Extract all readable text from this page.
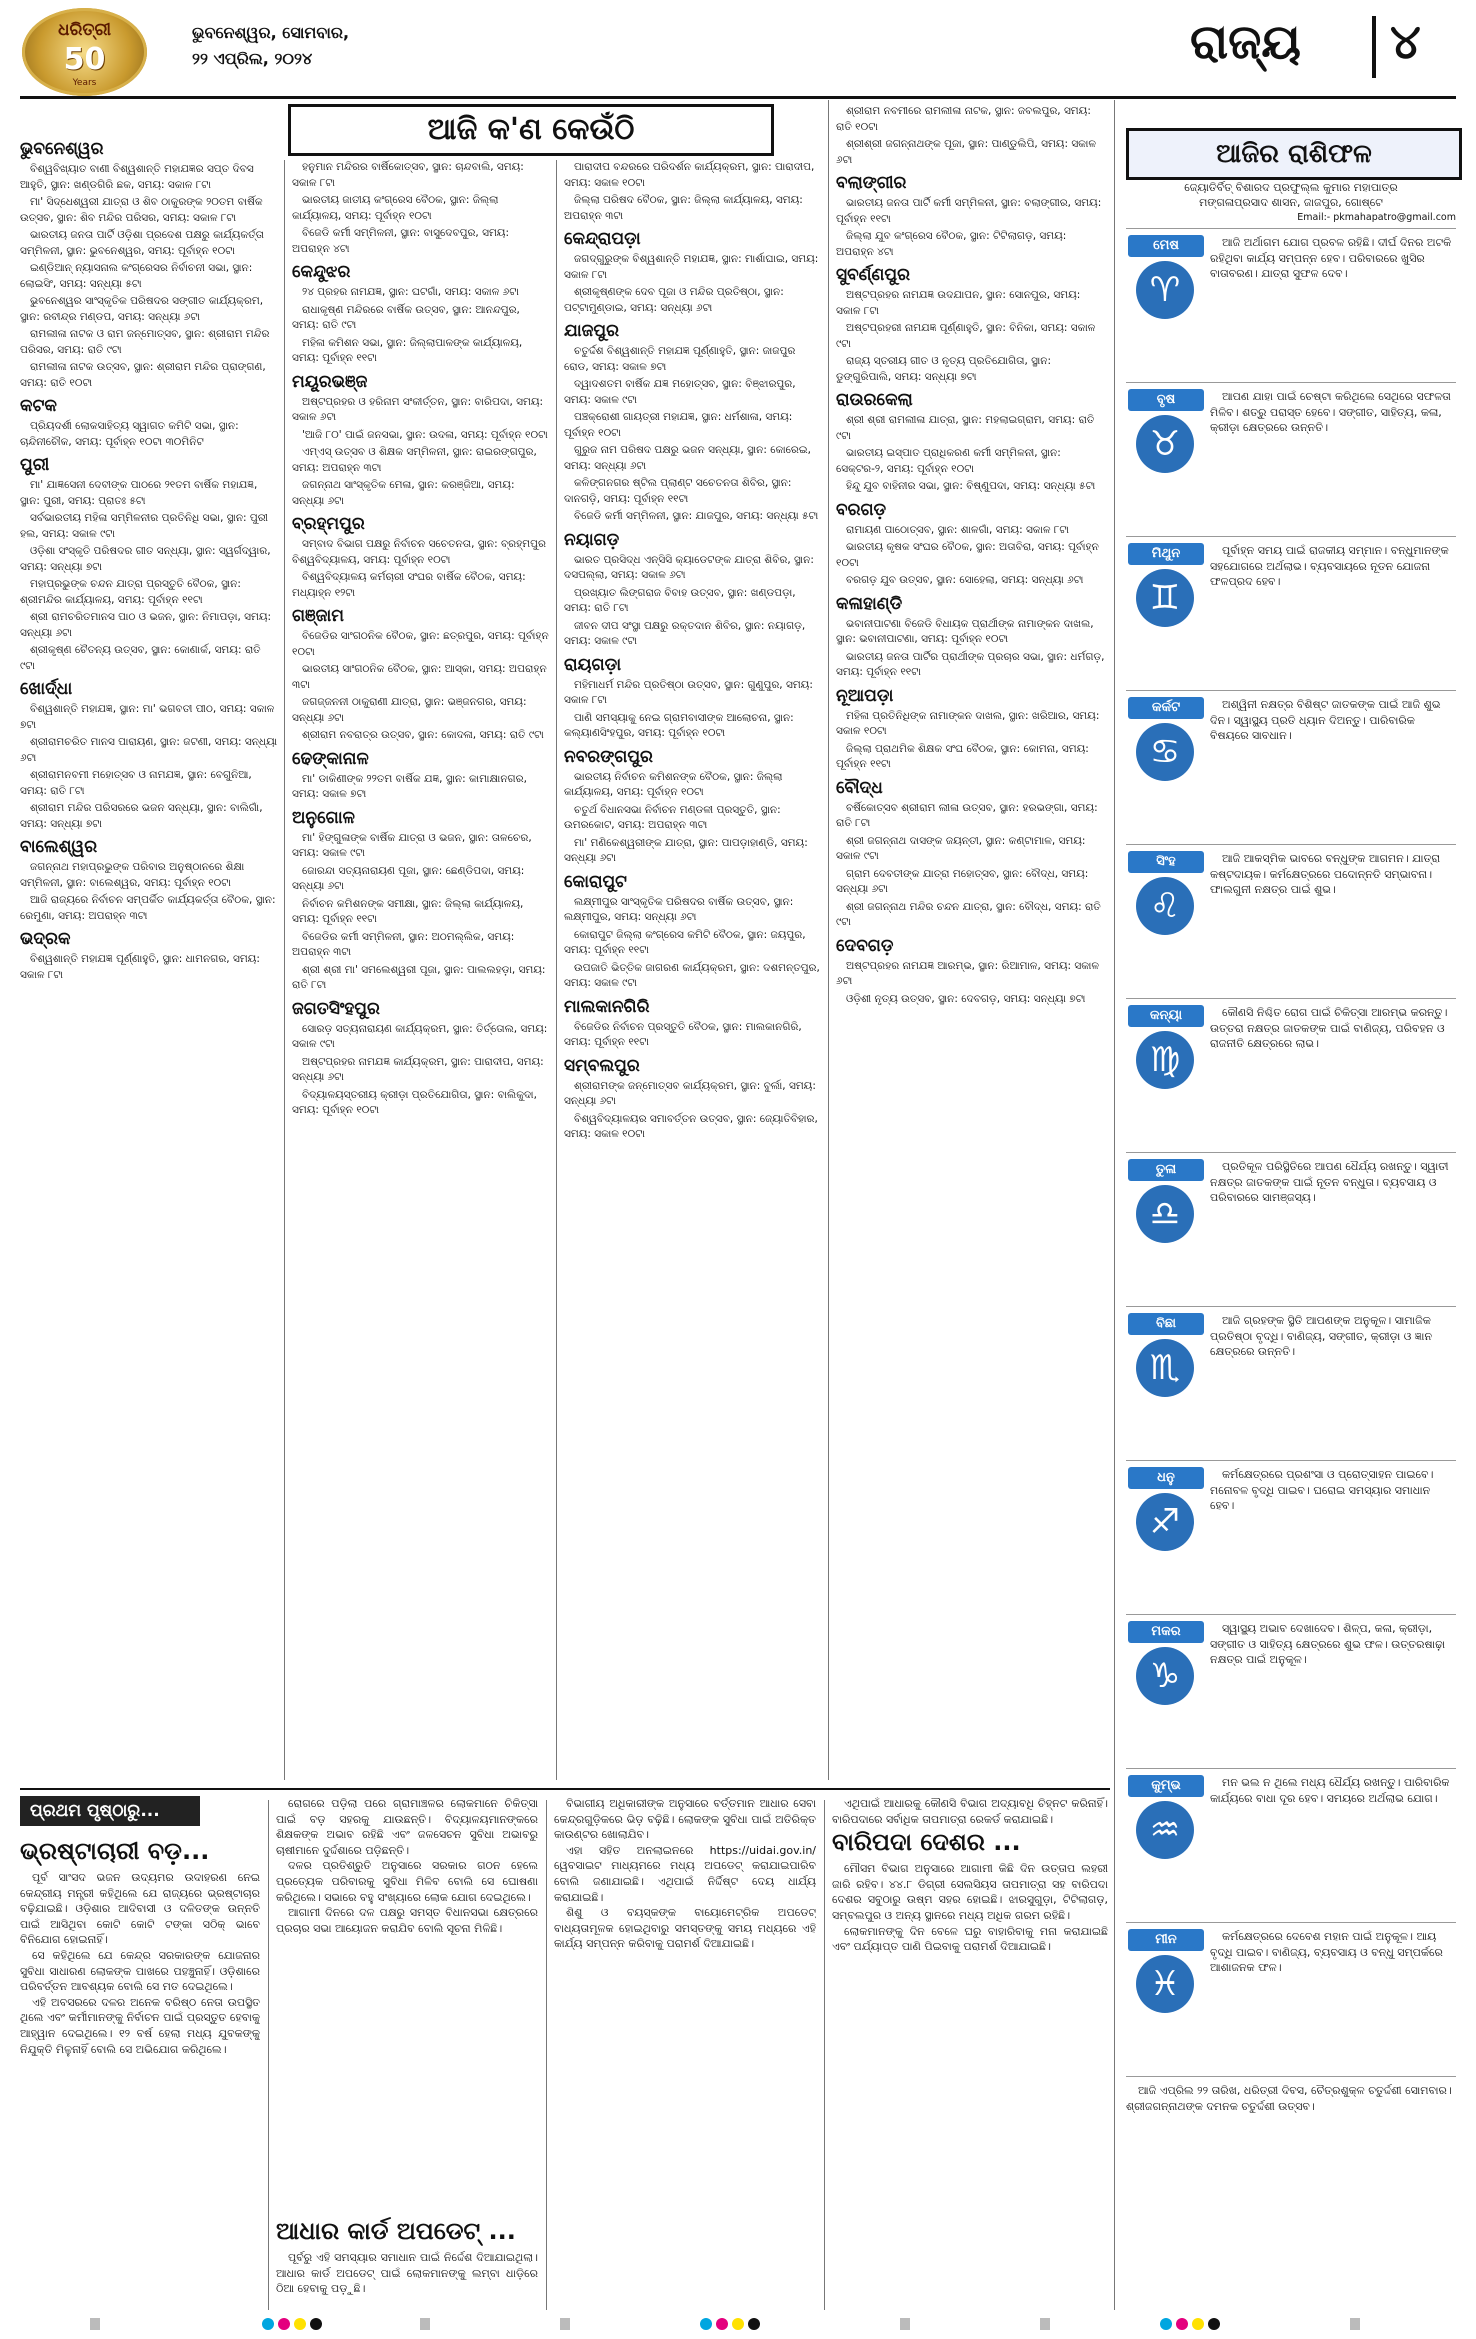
ଧରିତ୍ରୀ
50
Years
ଭୁବନେଶ୍ୱର, ସୋମବାର,
୨୨ ଏପ୍ରିଲ, ୨୦୨୪	ରାଜ୍ୟ ୪
ଆଜି କ'ଣ କେଉଁଠି
ଭୁବନେଶ୍ୱର

ବିଶ୍ୱବିଖ୍ୟାତ ବାଣୀ ବିଶ୍ୱଶାନ୍ତି ମହାଯଜ୍ଞର ସପ୍ତ ଦିବସ ଆହୁତି, ସ୍ଥାନ: ଖଣ୍ଡଗିରି ଛକ, ସମୟ: ସକାଳ ୮ଟା

ମା' ସିଦ୍ଧେଶ୍ୱରୀ ଯାତ୍ରା ଓ ଶିବ ଠାକୁରଙ୍କ ୨୦ତମ ବାର୍ଷିକ ଉତ୍ସବ, ସ୍ଥାନ: ଶିବ ମନ୍ଦିର ପରିସର, ସମୟ: ସକାଳ ୮ଟା

ଭାରତୀୟ ଜନତା ପାର୍ଟି ଓଡ଼ିଶା ପ୍ରଦେଶ ପକ୍ଷରୁ କାର୍ଯ୍ୟକର୍ତ୍ତା ସମ୍ମିଳନୀ, ସ୍ଥାନ: ଭୁବନେଶ୍ୱର, ସମୟ: ପୂର୍ବାହ୍ନ ୧୦ଟା

ଇଣ୍ଡିଆନ୍ ନ୍ୟାସନାଲ କଂଗ୍ରେସର ନିର୍ବାଚନୀ ସଭା, ସ୍ଥାନ: ଲୋଇସିଂ, ସମୟ: ସନ୍ଧ୍ୟା ୫ଟା

ଭୁବନେଶ୍ୱର ସାଂସ୍କୃତିକ ପରିଷଦର ସଙ୍ଗୀତ କାର୍ଯ୍ୟକ୍ରମ, ସ୍ଥାନ: ରବୀନ୍ଦ୍ର ମଣ୍ଡପ, ସମୟ: ସନ୍ଧ୍ୟା ୬ଟା

ରାମଲୀଳା ନାଟକ ଓ ରାମ ଜନ୍ମୋତ୍ସବ, ସ୍ଥାନ: ଶ୍ରୀରାମ ମନ୍ଦିର ପରିସର, ସମୟ: ରାତି ୯ଟା

ରାମଲୀଳା ନାଟକ ଉତ୍ସବ, ସ୍ଥାନ: ଶ୍ରୀରାମ ମନ୍ଦିର ପ୍ରାଙ୍ଗଣ, ସମୟ: ରାତି ୧୦ଟା

କଟକ

ପ୍ରିୟଦର୍ଶୀ ଲୋକସାହିତ୍ୟ ସ୍ୱାଗତ କମିଟି ସଭା, ସ୍ଥାନ: ଚାନ୍ଦିନୀଚୌକ, ସମୟ: ପୂର୍ବାହ୍ନ ୧୦ଟା ୩୦ମିନିଟ

ପୁରୀ

ମା' ଯାଜ୍ଞସେନୀ ଦେବୀଙ୍କ ପାଠରେ ୨୧ତମ ବାର୍ଷିକ ମହାଯଜ୍ଞ, ସ୍ଥାନ: ପୁରୀ, ସମୟ: ପ୍ରାତଃ ୫ଟା

ସର୍ବଭାରତୀୟ ମହିଳା ସମ୍ମିଳନୀର ପ୍ରତିନିଧି ସଭା, ସ୍ଥାନ: ପୁରୀ ହଲ, ସମୟ: ସକାଳ ୯ଟା

ଓଡ଼ିଶା ସଂସ୍କୃତି ପରିଷଦର ଗୀତ ସନ୍ଧ୍ୟା, ସ୍ଥାନ: ସ୍ୱର୍ଗଦ୍ୱାର, ସମୟ: ସନ୍ଧ୍ୟା ୭ଟା

ମହାପ୍ରଭୁଙ୍କ ଚନ୍ଦନ ଯାତ୍ରା ପ୍ରସ୍ତୁତି ବୈଠକ, ସ୍ଥାନ: ଶ୍ରୀମନ୍ଦିର କାର୍ଯ୍ୟାଳୟ, ସମୟ: ପୂର୍ବାହ୍ନ ୧୧ଟା

ଶ୍ରୀ ରାମଚରିତମାନସ ପାଠ ଓ ଭଜନ, ସ୍ଥାନ: ନିମାପଡ଼ା, ସମୟ: ସନ୍ଧ୍ୟା ୬ଟା

ଶ୍ରୀକୃଷ୍ଣ ଚୈତନ୍ୟ ଉତ୍ସବ, ସ୍ଥାନ: କୋଣାର୍କ, ସମୟ: ରାତି ୯ଟା

ଖୋର୍ଦ୍ଧା

ବିଶ୍ୱଶାନ୍ତି ମହାଯଜ୍ଞ, ସ୍ଥାନ: ମା' ଭଗବତୀ ପୀଠ, ସମୟ: ସକାଳ ୭ଟା

ଶ୍ରୀରାମଚରିତ ମାନସ ପାରାୟଣ, ସ୍ଥାନ: ଜଟଣୀ, ସମୟ: ସନ୍ଧ୍ୟା ୬ଟା

ଶ୍ରୀରାମନବମୀ ମହୋତ୍ସବ ଓ ନାମଯଜ୍ଞ, ସ୍ଥାନ: ବେଗୁନିଆ, ସମୟ: ରାତି ୮ଟା

ଶ୍ରୀରାମ ମନ୍ଦିର ପରିସରରେ ଭଜନ ସନ୍ଧ୍ୟା, ସ୍ଥାନ: ବାଲିଗାଁ, ସମୟ: ସନ୍ଧ୍ୟା ୭ଟା

ବାଲେଶ୍ୱର

ଜଗନ୍ନାଥ ମହାପ୍ରଭୁଙ୍କ ପରିବାର ଅନୁଷ୍ଠାନରେ ଶିକ୍ଷା ସମ୍ମିଳନୀ, ସ୍ଥାନ: ବାଲେଶ୍ୱର, ସମୟ: ପୂର୍ବାହ୍ନ ୧୦ଟା

ଆଜି ରାଜ୍ୟରେ ନିର୍ବାଚନ ସମ୍ପର୍କିତ କାର୍ଯ୍ୟକର୍ତ୍ତା ବୈଠକ, ସ୍ଥାନ: ରେମୁଣା, ସମୟ: ଅପରାହ୍ନ ୩ଟା

ଭଦ୍ରକ

ବିଶ୍ୱଶାନ୍ତି ମହାଯଜ୍ଞ ପୂର୍ଣ୍ଣାହୁତି, ସ୍ଥାନ: ଧାମନଗର, ସମୟ: ସକାଳ ୮ଟା

ହନୁମାନ ମନ୍ଦିରର ବାର୍ଷିକୋତ୍ସବ, ସ୍ଥାନ: ଚାନ୍ଦବାଲି, ସମୟ: ସକାଳ ୮ଟା

ଭାରତୀୟ ଜାତୀୟ କଂଗ୍ରେସ ବୈଠକ, ସ୍ଥାନ: ଜିଲ୍ଲା କାର୍ଯ୍ୟାଳୟ, ସମୟ: ପୂର୍ବାହ୍ନ ୧୦ଟା

ବିଜେଡି କର୍ମୀ ସମ୍ମିଳନୀ, ସ୍ଥାନ: ବାସୁଦେବପୁର, ସମୟ: ଅପରାହ୍ନ ୪ଟା

କେନ୍ଦୁଝର

୨୪ ପ୍ରହର ନାମଯଜ୍ଞ, ସ୍ଥାନ: ଘଟଗାଁ, ସମୟ: ସକାଳ ୬ଟା

ରାଧାକୃଷ୍ଣ ମନ୍ଦିରରେ ବାର୍ଷିକ ଉତ୍ସବ, ସ୍ଥାନ: ଆନନ୍ଦପୁର, ସମୟ: ରାତି ୯ଟା

ମହିଳା କମିଶନ ସଭା, ସ୍ଥାନ: ଜିଲ୍ଲାପାଳଙ୍କ କାର୍ଯ୍ୟାଳୟ, ସମୟ: ପୂର୍ବାହ୍ନ ୧୧ଟା

ମୟୂରଭଞ୍ଜ

ଅଷ୍ଟପ୍ରହର ଓ ହରିନାମ ସଂକୀର୍ତ୍ତନ, ସ୍ଥାନ: ବାରିପଦା, ସମୟ: ସକାଳ ୬ଟା

'ଆଜି ୮୦' ପାଇଁ ଜନସଭା, ସ୍ଥାନ: ଉଦଳା, ସମୟ: ପୂର୍ବାହ୍ନ ୧୦ଟା

ଏମ୍‌ଏସ୍ ଉତ୍ସବ ଓ ଶିକ୍ଷକ ସମ୍ମିଳନୀ, ସ୍ଥାନ: ରାଇରଙ୍ଗପୁର, ସମୟ: ଅପରାହ୍ନ ୩ଟା

ଜଗନ୍ନାଥ ସାଂସ୍କୃତିକ ମେଳା, ସ୍ଥାନ: କରଞ୍ଜିଆ, ସମୟ: ସନ୍ଧ୍ୟା ୬ଟା

ବ୍ରହ୍ମପୁର

ସମ୍ବାଦ ବିଭାଗ ପକ୍ଷରୁ ନିର୍ବାଚନ ସଚେତନତା, ସ୍ଥାନ: ବ୍ରହ୍ମପୁର ବିଶ୍ୱବିଦ୍ୟାଳୟ, ସମୟ: ପୂର୍ବାହ୍ନ ୧୦ଟା

ବିଶ୍ୱବିଦ୍ୟାଳୟ କର୍ମଚାରୀ ସଂଘର ବାର୍ଷିକ ବୈଠକ, ସମୟ: ମଧ୍ୟାହ୍ନ ୧୨ଟା

ଗଞ୍ଜାମ

ବିଜେଡିର ସାଂଗଠନିକ ବୈଠକ, ସ୍ଥାନ: ଛତ୍ରପୁର, ସମୟ: ପୂର୍ବାହ୍ନ ୧୦ଟା

ଭାରତୀୟ ସାଂଗଠନିକ ବୈଠକ, ସ୍ଥାନ: ଆସ୍କା, ସମୟ: ଅପରାହ୍ନ ୩ଟା

ଜଗଜ୍ଜନନୀ ଠାକୁରାଣୀ ଯାତ୍ରା, ସ୍ଥାନ: ଭଞ୍ଜନଗର, ସମୟ: ସନ୍ଧ୍ୟା ୬ଟା

ଶ୍ରୀରାମ ନବରାତ୍ର ଉତ୍ସବ, ସ୍ଥାନ: କୋଦଳା, ସମୟ: ରାତି ୯ଟା

ଢେଙ୍କାନାଳ

ମା' ଡାକିଣୀଙ୍କ ୨୨ତମ ବାର୍ଷିକ ଯଜ୍ଞ, ସ୍ଥାନ: କାମାକ୍ଷାନଗର, ସମୟ: ସକାଳ ୭ଟା

ଅନୁଗୋଳ

ମା' ହିଙ୍ଗୁଳାଙ୍କ ବାର୍ଷିକ ଯାତ୍ରା ଓ ଭଜନ, ସ୍ଥାନ: ତାଳଚେର, ସମୟ: ସକାଳ ୯ଟା

ଜୋରନ୍ଦା ସତ୍ୟନାରାୟଣ ପୂଜା, ସ୍ଥାନ: ଛେଣ୍ଡିପଦା, ସମୟ: ସନ୍ଧ୍ୟା ୬ଟା

ନିର୍ବାଚନ କମିଶନଙ୍କ ସମୀକ୍ଷା, ସ୍ଥାନ: ଜିଲ୍ଲା କାର୍ଯ୍ୟାଳୟ, ସମୟ: ପୂର୍ବାହ୍ନ ୧୧ଟା

ବିଜେଡିର କର୍ମୀ ସମ୍ମିଳନୀ, ସ୍ଥାନ: ଅଠମଲ୍ଲିକ, ସମୟ: ଅପରାହ୍ନ ୩ଟା

ଶ୍ରୀ ଶ୍ରୀ ମା' ସମଲେଶ୍ୱରୀ ପୂଜା, ସ୍ଥାନ: ପାଲଲହଡ଼ା, ସମୟ: ରାତି ୮ଟା

ଜଗତସିଂହପୁର

ସୋରଡ଼ ସତ୍ୟନାରାୟଣ କାର୍ଯ୍ୟକ୍ରମ, ସ୍ଥାନ: ତିର୍ତ୍ତୋଲ, ସମୟ: ସକାଳ ୯ଟା

ଅଷ୍ଟପ୍ରହର ନାମଯଜ୍ଞ କାର୍ଯ୍ୟକ୍ରମ, ସ୍ଥାନ: ପାରାଦୀପ, ସମୟ: ସନ୍ଧ୍ୟା ୬ଟା

ବିଦ୍ୟାଳୟସ୍ତରୀୟ କ୍ରୀଡ଼ା ପ୍ରତିଯୋଗିତା, ସ୍ଥାନ: ବାଲିକୁଦା, ସମୟ: ପୂର୍ବାହ୍ନ ୧୦ଟା

ପାରାଦୀପ ବନ୍ଦରରେ ପରିଦର୍ଶନ କାର୍ଯ୍ୟକ୍ରମ, ସ୍ଥାନ: ପାରାଦୀପ, ସମୟ: ସକାଳ ୧୦ଟା

ଜିଲ୍ଲା ପରିଷଦ ବୈଠକ, ସ୍ଥାନ: ଜିଲ୍ଲା କାର୍ଯ୍ୟାଳୟ, ସମୟ: ଅପରାହ୍ନ ୩ଟା

କେନ୍ଦ୍ରାପଡ଼ା

ଜଗଦ୍ଗୁରୁଙ୍କ ବିଶ୍ୱଶାନ୍ତି ମହାଯଜ୍ଞ, ସ୍ଥାନ: ମାର୍ଶାଘାଇ, ସମୟ: ସକାଳ ୮ଟା

ଶ୍ରୀକୃଷ୍ଣଙ୍କ ଦେବ ପୂଜା ଓ ମନ୍ଦିର ପ୍ରତିଷ୍ଠା, ସ୍ଥାନ: ପଟ୍ଟାମୁଣ୍ଡାଇ, ସମୟ: ସନ୍ଧ୍ୟା ୬ଟା

ଯାଜପୁର

ଚତୁର୍ଦ୍ଦଶ ବିଶ୍ୱଶାନ୍ତି ମହାଯଜ୍ଞ ପୂର୍ଣ୍ଣାହୁତି, ସ୍ଥାନ: ଜାଜପୁର ରୋଡ, ସମୟ: ସକାଳ ୭ଟା

ଦ୍ୱାଦଶତମ ବାର୍ଷିକ ଯଜ୍ଞ ମହୋତ୍ସବ, ସ୍ଥାନ: ବିଞ୍ଝାରପୁର, ସମୟ: ସକାଳ ୯ଟା

ପଞ୍ଚକ୍ରୋଶୀ ଗାୟତ୍ରୀ ମହାଯଜ୍ଞ, ସ୍ଥାନ: ଧର୍ମଶାଳା, ସମୟ: ପୂର୍ବାହ୍ନ ୧୦ଟା

ଗୁରୁଜ ନାମ ପରିଷଦ ପକ୍ଷରୁ ଭଜନ ସନ୍ଧ୍ୟା, ସ୍ଥାନ: କୋରେଇ, ସମୟ: ସନ୍ଧ୍ୟା ୬ଟା

କଳିଙ୍ଗନଗର ଷ୍ଟିଲ ପ୍ଲାଣ୍ଟ ସଚେତନତା ଶିବିର, ସ୍ଥାନ: ଦାନଗଡ଼ି, ସମୟ: ପୂର୍ବାହ୍ନ ୧୧ଟା

ବିଜେଡି କର୍ମୀ ସମ୍ମିଳନୀ, ସ୍ଥାନ: ଯାଜପୁର, ସମୟ: ସନ୍ଧ୍ୟା ୫ଟା

ନୟାଗଡ଼

ଭାରତ ପ୍ରସିଦ୍ଧ ଏନ୍‌ସିସି କ୍ୟାଡେଟଙ୍କ ଯାତ୍ରା ଶିବିର, ସ୍ଥାନ: ଦସପଲ୍ଲା, ସମୟ: ସକାଳ ୬ଟା

ପ୍ରଖ୍ୟାତ ଲିଙ୍ଗରାଜ ବିବାହ ଉତ୍ସବ, ସ୍ଥାନ: ଖଣ୍ଡପଡ଼ା, ସମୟ: ରାତି ୮ଟା

ଜୀବନ ଦୀପ ସଂସ୍ଥା ପକ୍ଷରୁ ରକ୍ତଦାନ ଶିବିର, ସ୍ଥାନ: ନୟାଗଡ଼, ସମୟ: ସକାଳ ୯ଟା

ରାୟଗଡ଼ା

ମହିମାଧର୍ମ ମନ୍ଦିର ପ୍ରତିଷ୍ଠା ଉତ୍ସବ, ସ୍ଥାନ: ଗୁଣୁପୁର, ସମୟ: ସକାଳ ୮ଟା

ପାଣି ସମସ୍ୟାକୁ ନେଇ ଗ୍ରାମବାସୀଙ୍କ ଆଲୋଚନା, ସ୍ଥାନ: କଲ୍ୟାଣସିଂହପୁର, ସମୟ: ପୂର୍ବାହ୍ନ ୧୦ଟା

ନବରଙ୍ଗପୁର

ଭାରତୀୟ ନିର୍ବାଚନ କମିଶନଙ୍କ ବୈଠକ, ସ୍ଥାନ: ଜିଲ୍ଲା କାର୍ଯ୍ୟାଳୟ, ସମୟ: ପୂର୍ବାହ୍ନ ୧୦ଟା

ଚତୁର୍ଥ ବିଧାନସଭା ନିର୍ବାଚନ ମଣ୍ଡଳୀ ପ୍ରସ୍ତୁତି, ସ୍ଥାନ: ଉମରକୋଟ, ସମୟ: ଅପରାହ୍ନ ୩ଟା

ମା' ମଣିକେଶ୍ୱରୀଙ୍କ ଯାତ୍ରା, ସ୍ଥାନ: ପାପଡ଼ାହାଣ୍ଡି, ସମୟ: ସନ୍ଧ୍ୟା ୬ଟା

କୋରାପୁଟ

ଲକ୍ଷ୍ମୀପୁର ସାଂସ୍କୃତିକ ପରିଷଦର ବାର୍ଷିକ ଉତ୍ସବ, ସ୍ଥାନ: ଲକ୍ଷ୍ମୀପୁର, ସମୟ: ସନ୍ଧ୍ୟା ୬ଟା

କୋରାପୁଟ ଜିଲ୍ଲା କଂଗ୍ରେସ କମିଟି ବୈଠକ, ସ୍ଥାନ: ଜୟପୁର, ସମୟ: ପୂର୍ବାହ୍ନ ୧୧ଟା

ଉପଜାତି ଭିତ୍ତିକ ଜାଗରଣ କାର୍ଯ୍ୟକ୍ରମ, ସ୍ଥାନ: ଦଶମନ୍ତପୁର, ସମୟ: ସକାଳ ୯ଟା

ମାଲକାନଗିରି

ବିଜେଡିର ନିର୍ବାଚନ ପ୍ରସ୍ତୁତି ବୈଠକ, ସ୍ଥାନ: ମାଲକାନଗିରି, ସମୟ: ପୂର୍ବାହ୍ନ ୧୧ଟା

ସମ୍ବଲପୁର

ଶ୍ରୀରାମଙ୍କ ଜନ୍ମୋତ୍ସବ କାର୍ଯ୍ୟକ୍ରମ, ସ୍ଥାନ: ବୁର୍ଲା, ସମୟ: ସନ୍ଧ୍ୟା ୬ଟା

ବିଶ୍ୱବିଦ୍ୟାଳୟର ସମାବର୍ତ୍ତନ ଉତ୍ସବ, ସ୍ଥାନ: ଜ୍ୟୋତିବିହାର, ସମୟ: ସକାଳ ୧୦ଟା

ଶ୍ରୀରାମ ନବମୀରେ ରାମଲୀଳା ନାଟକ, ସ୍ଥାନ: ଜବଲପୁର, ସମୟ: ରାତି ୧୦ଟା

ଶ୍ରୀଶ୍ରୀ ଜଗନ୍ନାଥଙ୍କ ପୂଜା, ସ୍ଥାନ: ପାଣ୍ଡୁଲିପି, ସମୟ: ସକାଳ ୬ଟା

ବଲାଙ୍ଗୀର

ଭାରତୀୟ ଜନତା ପାର୍ଟି କର୍ମୀ ସମ୍ମିଳନୀ, ସ୍ଥାନ: ବଲାଙ୍ଗୀର, ସମୟ: ପୂର୍ବାହ୍ନ ୧୧ଟା

ଜିଲ୍ଲା ଯୁବ କଂଗ୍ରେସ ବୈଠକ, ସ୍ଥାନ: ଟିଟିଲାଗଡ଼, ସମୟ: ଅପରାହ୍ନ ୪ଟା

ସୁବର୍ଣ୍ଣପୁର

ଅଷ୍ଟପ୍ରହର ନାମଯଜ୍ଞ ଉଦଯାପନ, ସ୍ଥାନ: ସୋନପୁର, ସମୟ: ସକାଳ ୮ଟା

ଅଷ୍ଟପ୍ରହରୀ ନାମଯଜ୍ଞ ପୂର୍ଣ୍ଣାହୁତି, ସ୍ଥାନ: ବିନିକା, ସମୟ: ସକାଳ ୯ଟା

ରାଜ୍ୟ ସ୍ତରୀୟ ଗୀତ ଓ ନୃତ୍ୟ ପ୍ରତିଯୋଗିତା, ସ୍ଥାନ: ଡୁଙ୍ଗୁରିପାଲି, ସମୟ: ସନ୍ଧ୍ୟା ୭ଟା

ରାଉରକେଲା

ଶ୍ରୀ ଶ୍ରୀ ରାମଲୀଳା ଯାତ୍ରା, ସ୍ଥାନ: ମହଲାଇଗ୍ରାମ, ସମୟ: ରାତି ୯ଟା

ଭାରତୀୟ ଇସ୍ପାତ ପ୍ରାଧିକରଣ କର୍ମୀ ସମ୍ମିଳନୀ, ସ୍ଥାନ: ସେକ୍ଟର-୨, ସମୟ: ପୂର୍ବାହ୍ନ ୧୦ଟା

ହିନ୍ଦୁ ଯୁବ ବାହିନୀର ସଭା, ସ୍ଥାନ: ବିଷ୍ଣୁପଦା, ସମୟ: ସନ୍ଧ୍ୟା ୫ଟା

ବରଗଡ଼

ରାମାୟଣ ପାଠୋତ୍ସବ, ସ୍ଥାନ: ଶାଳଗାଁ, ସମୟ: ସକାଳ ୮ଟା

ଭାରତୀୟ କୃଷକ ସଂଘର ବୈଠକ, ସ୍ଥାନ: ଅତାବିରା, ସମୟ: ପୂର୍ବାହ୍ନ ୧୦ଟା

ବରଗଡ଼ ଯୁବ ଉତ୍ସବ, ସ୍ଥାନ: ସୋହେଲା, ସମୟ: ସନ୍ଧ୍ୟା ୬ଟା

କଳାହାଣ୍ଡି

ଭବାନୀପାଟଣା ବିଜେଡି ବିଧାୟକ ପ୍ରାର୍ଥୀଙ୍କ ନାମାଙ୍କନ ଦାଖଲ, ସ୍ଥାନ: ଭବାନୀପାଟଣା, ସମୟ: ପୂର୍ବାହ୍ନ ୧୦ଟା

ଭାରତୀୟ ଜନତା ପାର୍ଟିର ପ୍ରାର୍ଥୀଙ୍କ ପ୍ରଚାର ସଭା, ସ୍ଥାନ: ଧର୍ମଗଡ଼, ସମୟ: ପୂର୍ବାହ୍ନ ୧୧ଟା

ନୂଆପଡ଼ା

ମହିଳା ପ୍ରତିନିଧିଙ୍କ ନାମାଙ୍କନ ଦାଖଲ, ସ୍ଥାନ: ଖରିଆର, ସମୟ: ସକାଳ ୧୦ଟା

ଜିଲ୍ଲା ପ୍ରାଥମିକ ଶିକ୍ଷକ ସଂଘ ବୈଠକ, ସ୍ଥାନ: କୋମନା, ସମୟ: ପୂର୍ବାହ୍ନ ୧୧ଟା

ବୌଦ୍ଧ

ବର୍ଷିକୋତ୍ସବ ଶ୍ରୀରାମ ଲୀଳା ଉତ୍ସବ, ସ୍ଥାନ: ହରଭଙ୍ଗା, ସମୟ: ରାତି ୮ଟା

ଶ୍ରୀ ଜଗନ୍ନାଥ ଦାସଙ୍କ ଜୟନ୍ତୀ, ସ୍ଥାନ: କଣ୍ଟାମାଳ, ସମୟ: ସକାଳ ୯ଟା

ଗ୍ରାମ ଦେବତୀଙ୍କ ଯାତ୍ରା ମହୋତ୍ସବ, ସ୍ଥାନ: ବୌଦ୍ଧ, ସମୟ: ସନ୍ଧ୍ୟା ୬ଟା

ଶ୍ରୀ ଜଗନ୍ନାଥ ମନ୍ଦିର ଚନ୍ଦନ ଯାତ୍ରା, ସ୍ଥାନ: ବୌଦ୍ଧ, ସମୟ: ରାତି ୯ଟା

ଦେବଗଡ଼

ଅଷ୍ଟପ୍ରହର ନାମଯଜ୍ଞ ଆରମ୍ଭ, ସ୍ଥାନ: ରିଆମାଳ, ସମୟ: ସକାଳ ୬ଟା

ଓଡ଼ିଶୀ ନୃତ୍ୟ ଉତ୍ସବ, ସ୍ଥାନ: ଦେବଗଡ଼, ସମୟ: ସନ୍ଧ୍ୟା ୭ଟା

ଆଜିର ରାଶିଫଳ
ଜ୍ୟୋତିର୍ବିତ୍ ବିଶାରଦ ପ୍ରଫୁଲ୍ଲ କୁମାର ମହାପାତ୍ର
ମଙ୍ଗଳାପ୍ରସାଦ ଶାସନ, ଜାଜପୁର, ଗୋଷ୍ଟେ
Email:- pkmahapatro@gmail.com
ମେଷ
♈
ଆଜି ଅର୍ଥାଗମ ଯୋଗ ପ୍ରବଳ ରହିଛି। ଦୀର୍ଘ ଦିନର ଅଟକି ରହିଥିବା କାର୍ଯ୍ୟ ସମ୍ପନ୍ନ ହେବ। ପରିବାରରେ ଖୁସିର ବାତାବରଣ। ଯାତ୍ରା ସୁଫଳ ଦେବ।
ବୃଷ
♉
ଆପଣ ଯାହା ପାଇଁ ଚେଷ୍ଟା କରିଥିଲେ ସେଥିରେ ସଫଳତା ମିଳିବ। ଶତ୍ରୁ ପରାସ୍ତ ହେବେ। ସଙ୍ଗୀତ, ସାହିତ୍ୟ, କଳା, କ୍ରୀଡ଼ା କ୍ଷେତ୍ରରେ ଉନ୍ନତି।
ମିଥୁନ
♊
ପୂର୍ବାହ୍ନ ସମୟ ପାଇଁ ରାଜକୀୟ ସମ୍ମାନ। ବନ୍ଧୁମାନଙ୍କ ସହଯୋଗରେ ଅର୍ଥଲାଭ। ବ୍ୟବସାୟରେ ନୂତନ ଯୋଜନା ଫଳପ୍ରଦ ହେବ।
କର୍କଟ
♋
ଅଶ୍ୱିନୀ ନକ୍ଷତ୍ର ବିଶିଷ୍ଟ ଜାତକଙ୍କ ପାଇଁ ଆଜି ଶୁଭ ଦିନ। ସ୍ୱାସ୍ଥ୍ୟ ପ୍ରତି ଧ୍ୟାନ ଦିଅନ୍ତୁ। ପାରିବାରିକ ବିଷୟରେ ସାବଧାନ।
ସିଂହ
♌
ଆଜି ଆକସ୍ମିକ ଭାବରେ ବନ୍ଧୁଙ୍କ ଆଗମନ। ଯାତ୍ରା କଷ୍ଟଦାୟକ। କର୍ମକ୍ଷେତ୍ରରେ ପଦୋନ୍ନତି ସମ୍ଭାବନା। ଫାଲଗୁନୀ ନକ୍ଷତ୍ର ପାଇଁ ଶୁଭ।
କନ୍ୟା
♍
କୌଣସି ନିଶ୍ଚିତ ରୋଗ ପାଇଁ ଚିକିତ୍ସା ଆରମ୍ଭ କରନ୍ତୁ। ଉତ୍ତରା ନକ୍ଷତ୍ର ଜାତକଙ୍କ ପାଇଁ ବାଣିଜ୍ୟ, ପରିବହନ ଓ ରାଜନୀତି କ୍ଷେତ୍ରରେ ଲାଭ।
ତୁଳା
♎
ପ୍ରତିକୂଳ ପରିସ୍ଥିତିରେ ଆପଣ ଧୈର୍ଯ୍ୟ ରଖନ୍ତୁ। ସ୍ୱାତୀ ନକ୍ଷତ୍ର ଜାତକଙ୍କ ପାଇଁ ନୂତନ ବନ୍ଧୁତା। ବ୍ୟବସାୟ ଓ ପରିବାରରେ ସାମଞ୍ଜସ୍ୟ।
ବିଛା
♏
ଆଜି ଗ୍ରହଙ୍କ ସ୍ଥିତି ଆପଣଙ୍କ ଅନୁକୂଳ। ସାମାଜିକ ପ୍ରତିଷ୍ଠା ବୃଦ୍ଧି। ବାଣିଜ୍ୟ, ସଙ୍ଗୀତ, କ୍ରୀଡ଼ା ଓ ଜ୍ଞାନ କ୍ଷେତ୍ରରେ ଉନ୍ନତି।
ଧନୁ
♐
କର୍ମକ୍ଷେତ୍ରରେ ପ୍ରଶଂସା ଓ ପ୍ରୋତ୍ସାହନ ପାଇବେ। ମନୋବଳ ବୃଦ୍ଧି ପାଇବ। ଘରୋଇ ସମସ୍ୟାର ସମାଧାନ ହେବ।
ମକର
♑
ସ୍ୱାସ୍ଥ୍ୟ ଅଭାବ ଦେଖାଦେବ। ଶିଳ୍ପ, କଳା, କ୍ରୀଡ଼ା, ସଙ୍ଗୀତ ଓ ସାହିତ୍ୟ କ୍ଷେତ୍ରରେ ଶୁଭ ଫଳ। ଉତ୍ତରଷାଢ଼ା ନକ୍ଷତ୍ର ପାଇଁ ଅନୁକୂଳ।
କୁମ୍ଭ
♒
ମନ ଭଲ ନ ଥିଲେ ମଧ୍ୟ ଧୈର୍ଯ୍ୟ ରଖନ୍ତୁ। ପାରିବାରିକ କାର୍ଯ୍ୟରେ ବାଧା ଦୂର ହେବ। ସମୟରେ ଅର୍ଥଲାଭ ଯୋଗ।
ମୀନ
♓
କର୍ମକ୍ଷେତ୍ରରେ ଦେବେଶ ମହାନ ପାଇଁ ଅନୁକୂଳ। ଆୟ ବୃଦ୍ଧି ପାଇବ। ବାଣିଜ୍ୟ, ବ୍ୟବସାୟ ଓ ବନ୍ଧୁ ସମ୍ପର୍କରେ ଆଶାଜନକ ଫଳ।
ଆଜି ଏପ୍ରିଲ ୨୨ ତାରିଖ, ଧରିତ୍ରୀ ଦିବସ, ଚୈତ୍ରଶୁକ୍ଳ ଚତୁର୍ଦ୍ଦଶୀ ସୋମବାର। ଶ୍ରୀଜଗନ୍ନାଥଙ୍କ ଦମନକ ଚତୁର୍ଦ୍ଦଶୀ ଉତ୍ସବ।
ପ୍ରଥମ ପୃଷ୍ଠାରୁ...
ଭ୍ରଷ୍ଟାଚାରୀ ବଡ଼...

ପୂର୍ବ ସାଂସଦ ଭଜନ ଉଦ୍ୟମର ଉଦାହରଣ ନେଇ କେନ୍ଦ୍ରୀୟ ମନ୍ତ୍ରୀ କହିଥିଲେ ଯେ ରାଜ୍ୟରେ ଭ୍ରଷ୍ଟାଚାର ବଢ଼ିଯାଇଛି। ଓଡ଼ିଶାର ଆଦିବାସୀ ଓ ଦଳିତଙ୍କ ଉନ୍ନତି ପାଇଁ ଆସିଥିବା କୋଟି କୋଟି ଟଙ୍କା ସଠିକ୍ ଭାବେ ବିନିଯୋଗ ହୋଇନାହିଁ।

ସେ କହିଥିଲେ ଯେ କେନ୍ଦ୍ର ସରକାରଙ୍କ ଯୋଜନାର ସୁବିଧା ସାଧାରଣ ଲୋକଙ୍କ ପାଖରେ ପହଞ୍ଚୁନାହିଁ। ଓଡ଼ିଶାରେ ପରିବର୍ତ୍ତନ ଆବଶ୍ୟକ ବୋଲି ସେ ମତ ଦେଇଥିଲେ।

ଏହି ଅବସରରେ ଦଳର ଅନେକ ବରିଷ୍ଠ ନେତା ଉପସ୍ଥିତ ଥିଲେ ଏବଂ କର୍ମୀମାନଙ୍କୁ ନିର୍ବାଚନ ପାଇଁ ପ୍ରସ୍ତୁତ ହେବାକୁ ଆହ୍ୱାନ ଦେଇଥିଲେ। ୧୨ ବର୍ଷ ହେଲା ମଧ୍ୟ ଯୁବକଙ୍କୁ ନିଯୁକ୍ତି ମିଳୁନାହିଁ ବୋଲି ସେ ଅଭିଯୋଗ କରିଥିଲେ।

ରୋଗରେ ପଡ଼ିଲା ପରେ ଗ୍ରାମାଞ୍ଚଳର ଲୋକମାନେ ଚିକିତ୍ସା ପାଇଁ ବଡ଼ ସହରକୁ ଯାଉଛନ୍ତି। ବିଦ୍ୟାଳୟମାନଙ୍କରେ ଶିକ୍ଷକଙ୍କ ଅଭାବ ରହିଛି ଏବଂ ଜଳସେଚନ ସୁବିଧା ଅଭାବରୁ ଚାଷୀମାନେ ଦୁର୍ଦ୍ଦଶାରେ ପଡ଼ିଛନ୍ତି।

ଦଳର ପ୍ରତିଶ୍ରୁତି ଅନୁସାରେ ସରକାର ଗଠନ ହେଲେ ପ୍ରତ୍ୟେକ ପରିବାରକୁ ସୁବିଧା ମିଳିବ ବୋଲି ସେ ଘୋଷଣା କରିଥିଲେ। ସଭାରେ ବହୁ ସଂଖ୍ୟାରେ ଲୋକ ଯୋଗ ଦେଇଥିଲେ।

ଆଗାମୀ ଦିନରେ ଦଳ ପକ୍ଷରୁ ସମସ୍ତ ବିଧାନସଭା କ୍ଷେତ୍ରରେ ପ୍ରଚାର ସଭା ଆୟୋଜନ କରାଯିବ ବୋଲି ସୂଚନା ମିଳିଛି।

ଆଧାର କାର୍ଡ ଅପଡେଟ୍ ...

ପୂର୍ବରୁ ଏହି ସମସ୍ୟାର ସମାଧାନ ପାଇଁ ନିର୍ଦ୍ଦେଶ ଦିଆଯାଇଥିଲା। ଆଧାର କାର୍ଡ ଅପଡେଟ୍ ପାଇଁ ଲୋକମାନଙ୍କୁ ଲମ୍ବା ଧାଡ଼ିରେ ଠିଆ ହେବାକୁ ପଡ଼ୁଛି।

ବିଭାଗୀୟ ଅଧିକାରୀଙ୍କ ଅନୁସାରେ ବର୍ତ୍ତମାନ ଆଧାର ସେବା କେନ୍ଦ୍ରଗୁଡ଼ିକରେ ଭିଡ଼ ବଢ଼ିଛି। ଲୋକଙ୍କ ସୁବିଧା ପାଇଁ ଅତିରିକ୍ତ କାଉଣ୍ଟର ଖୋଲାଯିବ।

ଏହା ସହିତ ଅନଲାଇନରେ https://uidai.gov.in/ ୱେବସାଇଟ ମାଧ୍ୟମରେ ମଧ୍ୟ ଅପଡେଟ୍ କରାଯାଇପାରିବ ବୋଲି ଜଣାଯାଇଛି। ଏଥିପାଇଁ ନିର୍ଦ୍ଦିଷ୍ଟ ଦେୟ ଧାର୍ଯ୍ୟ କରାଯାଇଛି।

ଶିଶୁ ଓ ବୟସ୍କଙ୍କ ବାୟୋମେଟ୍ରିକ ଅପଡେଟ୍ ବାଧ୍ୟତାମୂଳକ ହୋଇଥିବାରୁ ସମସ୍ତଙ୍କୁ ସମୟ ମଧ୍ୟରେ ଏହି କାର୍ଯ୍ୟ ସମ୍ପନ୍ନ କରିବାକୁ ପରାମର୍ଶ ଦିଆଯାଇଛି।

ଏଥିପାଇଁ ଆଧାରକୁ କୌଣସି ବିଭାଗ ଅଦ୍ୟାବଧି ଚିହ୍ନଟ କରିନାହିଁ। ବାରିପଦାରେ ସର୍ବାଧିକ ତାପମାତ୍ରା ରେକର୍ଡ କରାଯାଇଛି।

ବାରିପଦା ଦେଶର ...

ମୌସମ ବିଭାଗ ଅନୁସାରେ ଆଗାମୀ କିଛି ଦିନ ଉତ୍ତାପ ଲହରୀ ଜାରି ରହିବ। ୪୪.୮ ଡିଗ୍ରୀ ସେଲସିୟସ ତାପମାତ୍ରା ସହ ବାରିପଦା ଦେଶର ସବୁଠାରୁ ଉଷ୍ମ ସହର ହୋଇଛି। ଝାରସୁଗୁଡ଼ା, ଟିଟିଲାଗଡ଼, ସମ୍ବଲପୁର ଓ ଅନ୍ୟ ସ୍ଥାନରେ ମଧ୍ୟ ଅଧିକ ଗରମ ରହିଛି।

ଲୋକମାନଙ୍କୁ ଦିନ ବେଳେ ଘରୁ ବାହାରିବାକୁ ମନା କରାଯାଇଛି ଏବଂ ପର୍ଯ୍ୟାପ୍ତ ପାଣି ପିଇବାକୁ ପରାମର୍ଶ ଦିଆଯାଇଛି।
